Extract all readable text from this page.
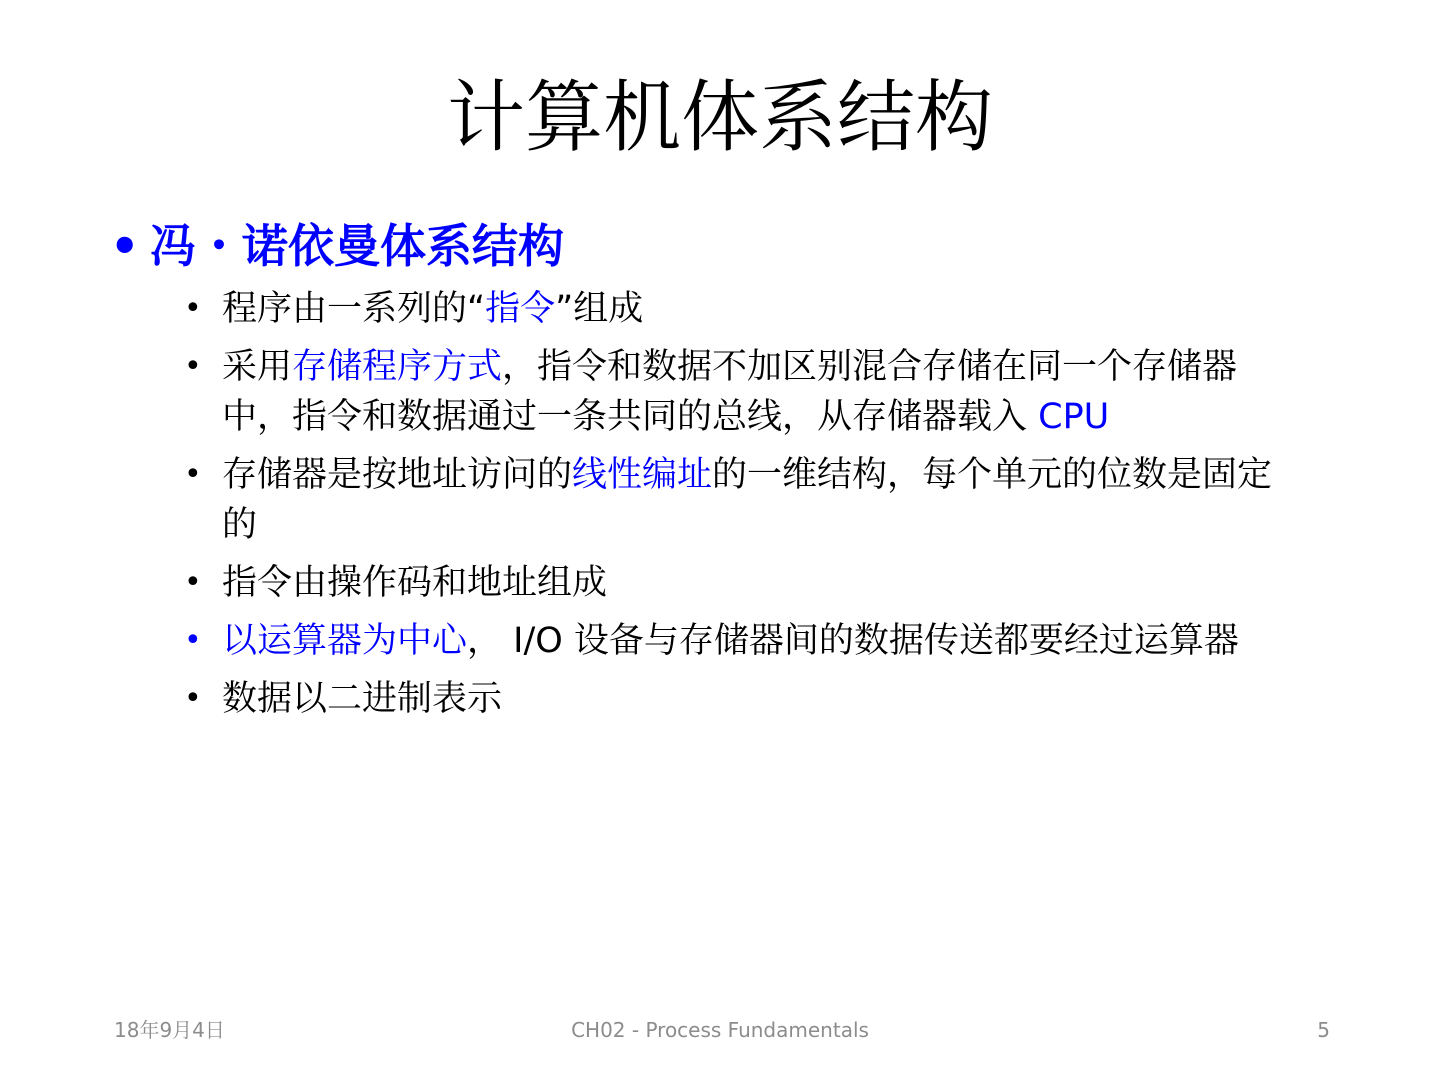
计算机体系结构
• 冯・诺依曼体系结构
• 程序由一系列的“指令”组成
• 采用存储程序方式，指令和数据不加区别混合存储在同一个存储器中，指令和数据通过一条共同的总线，从存储器载入 CPU
• 存储器是按地址访问的线性编址的一维结构，每个单元的位数是固定的
• 指令由操作码和地址组成
• 以运算器为中心， I/O 设备与存储器间的数据传送都要经过运算器
• 数据以二进制表示
18年9月4日	CH02 - Process Fundamentals	5
